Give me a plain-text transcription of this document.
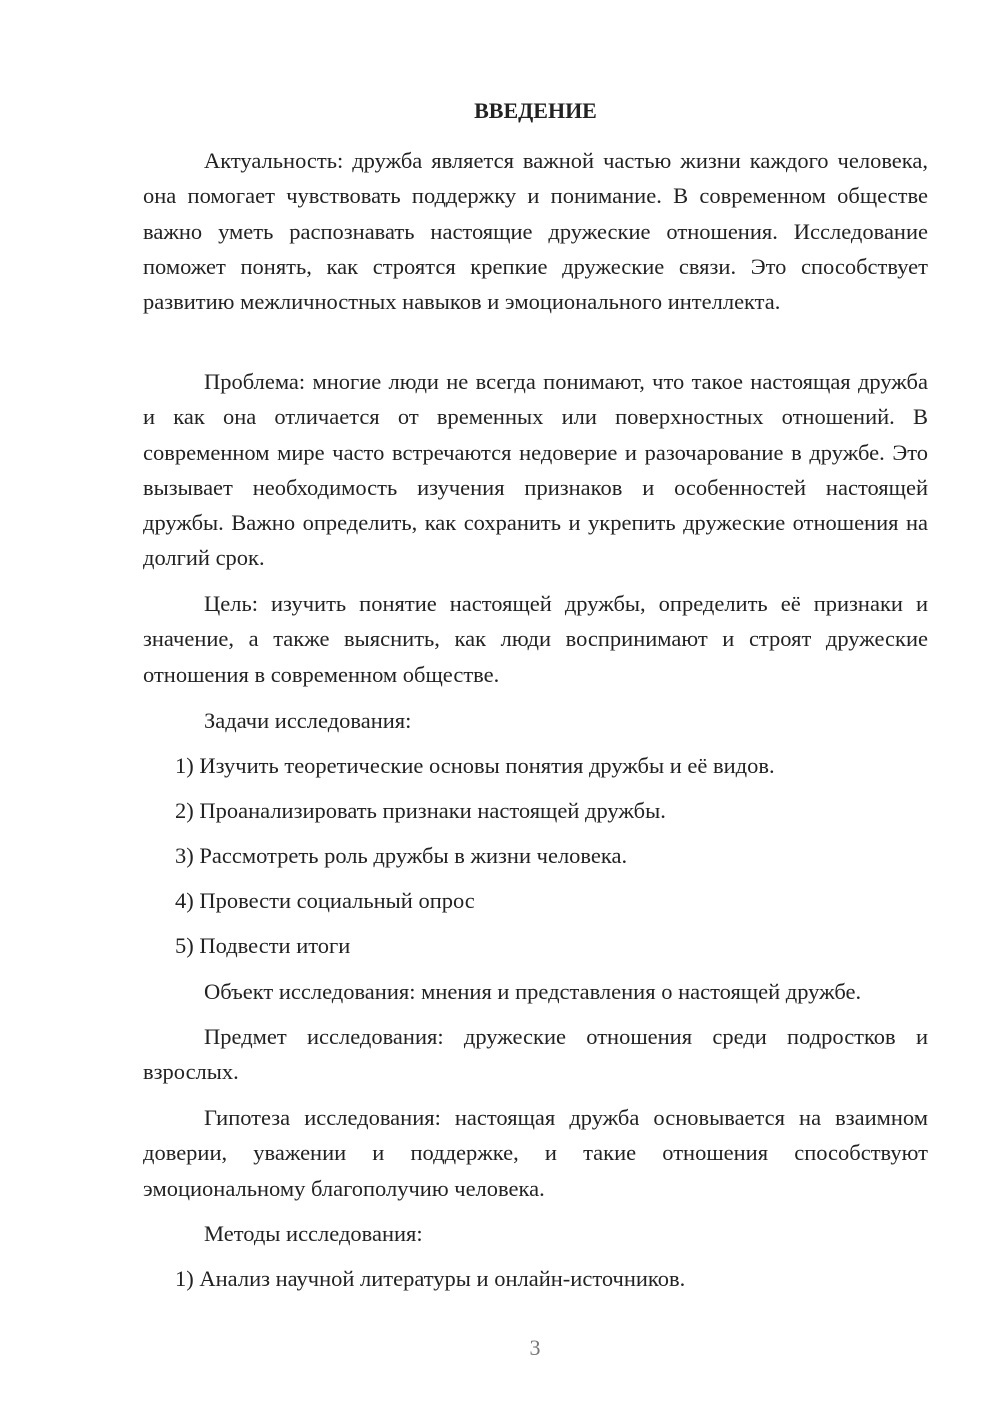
ВВЕДЕНИЕ

Актуальность: дружба является важной частью жизни каждого человека, она помогает чувствовать поддержку и понимание. В современном обществе важно уметь распознавать настоящие дружеские отношения. Исследование поможет понять, как строятся крепкие дружеские связи. Это способствует развитию межличностных навыков и эмоционального интеллекта.

Проблема: многие люди не всегда понимают, что такое настоящая дружба и как она отличается от временных или поверхностных отношений. В современном мире часто встречаются недоверие и разочарование в дружбе. Это вызывает необходимость изучения признаков и особенностей настоящей дружбы. Важно определить, как сохранить и укрепить дружеские отношения на долгий срок.

Цель: изучить понятие настоящей дружбы, определить её признаки и значение, а также выяснить, как люди воспринимают и строят дружеские отношения в современном обществе.

Задачи исследования:

1) Изучить теоретические основы понятия дружбы и её видов.

2) Проанализировать признаки настоящей дружбы.

3) Рассмотреть роль дружбы в жизни человека.

4) Провести социальный опрос

5) Подвести итоги

Объект исследования: мнения и представления о настоящей дружбе.

Предмет исследования: дружеские отношения среди подростков и взрослых.

Гипотеза исследования: настоящая дружба основывается на взаимном доверии, уважении и поддержке, и такие отношения способствуют эмоциональному благополучию человека.

Методы исследования:

1) Анализ научной литературы и онлайн-источников.

3
